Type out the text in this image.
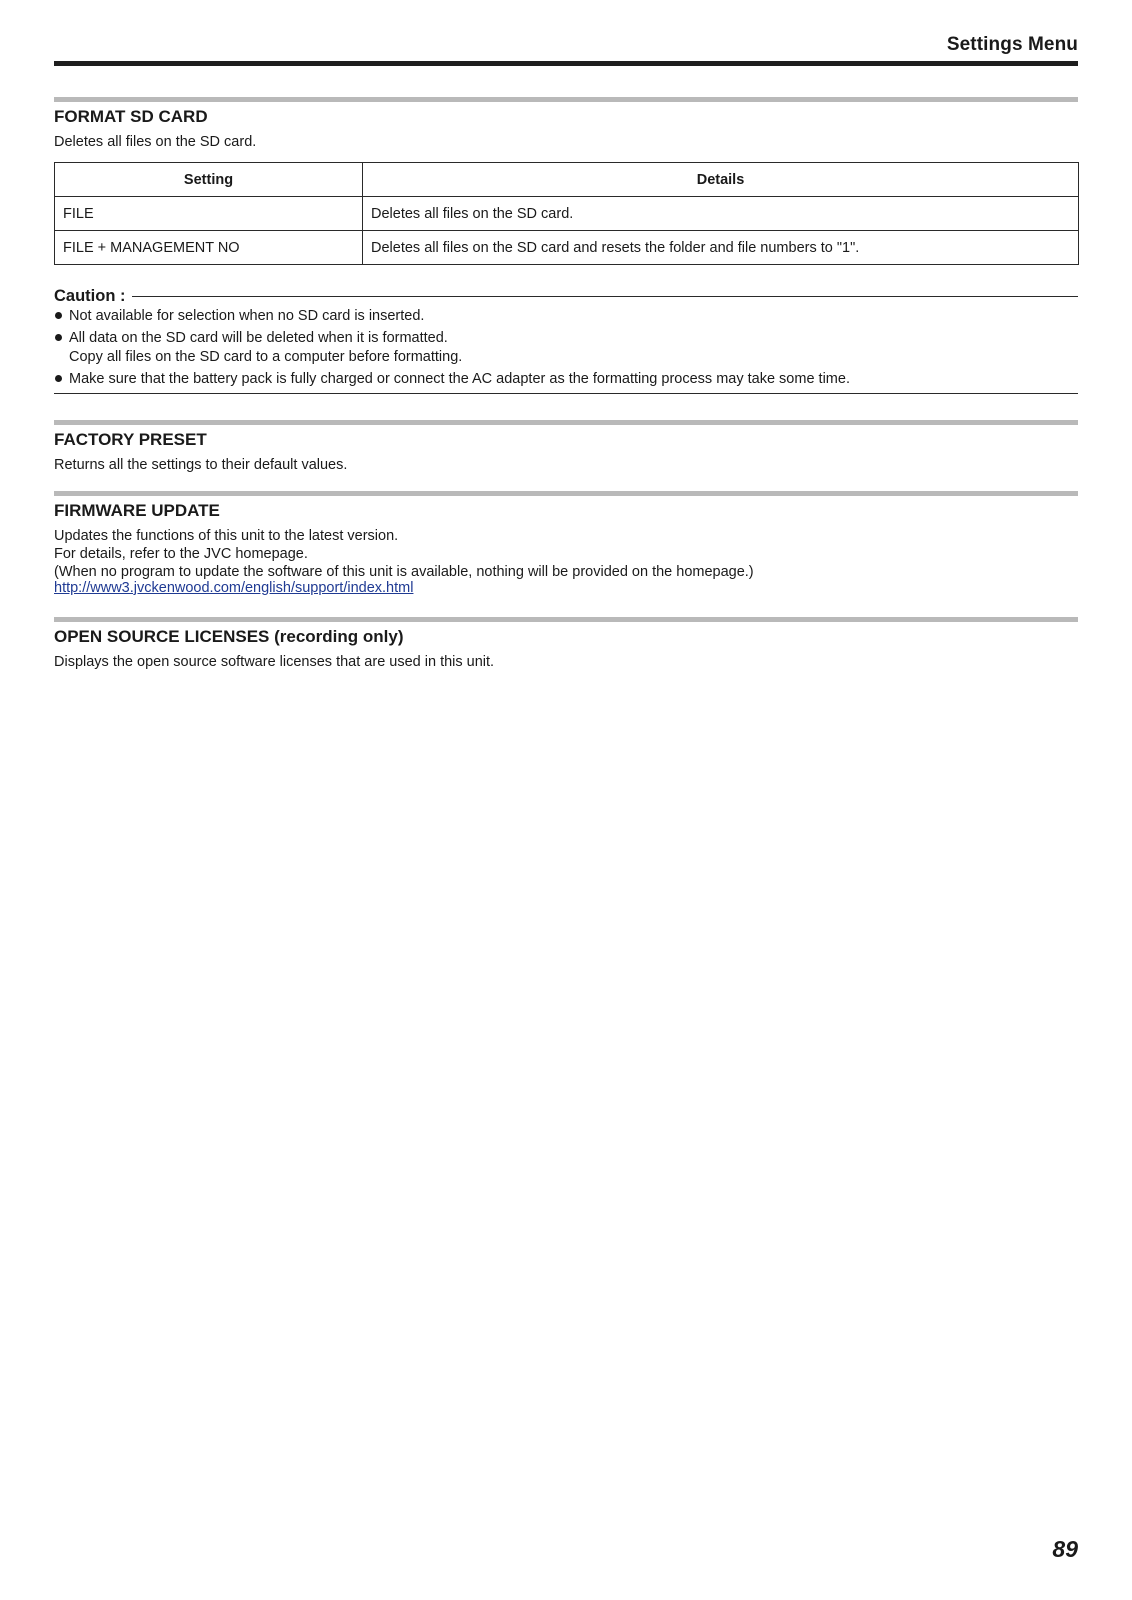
Settings Menu
FORMAT SD CARD
Deletes all files on the SD card.
Setting	Details
FILE	Deletes all files on the SD card.
FILE + MANAGEMENT NO	Deletes all files on the SD card and resets the folder and file numbers to "1".
Caution :
Not available for selection when no SD card is inserted.
All data on the SD card will be deleted when it is formatted.
Copy all files on the SD card to a computer before formatting.
Make sure that the battery pack is fully charged or connect the AC adapter as the formatting process may take some time.
FACTORY PRESET
Returns all the settings to their default values.
FIRMWARE UPDATE
Updates the functions of this unit to the latest version.
For details, refer to the JVC homepage.
(When no program to update the software of this unit is available, nothing will be provided on the homepage.)
http://www3.jvckenwood.com/english/support/index.html
OPEN SOURCE LICENSES (recording only)
Displays the open source software licenses that are used in this unit.
89
